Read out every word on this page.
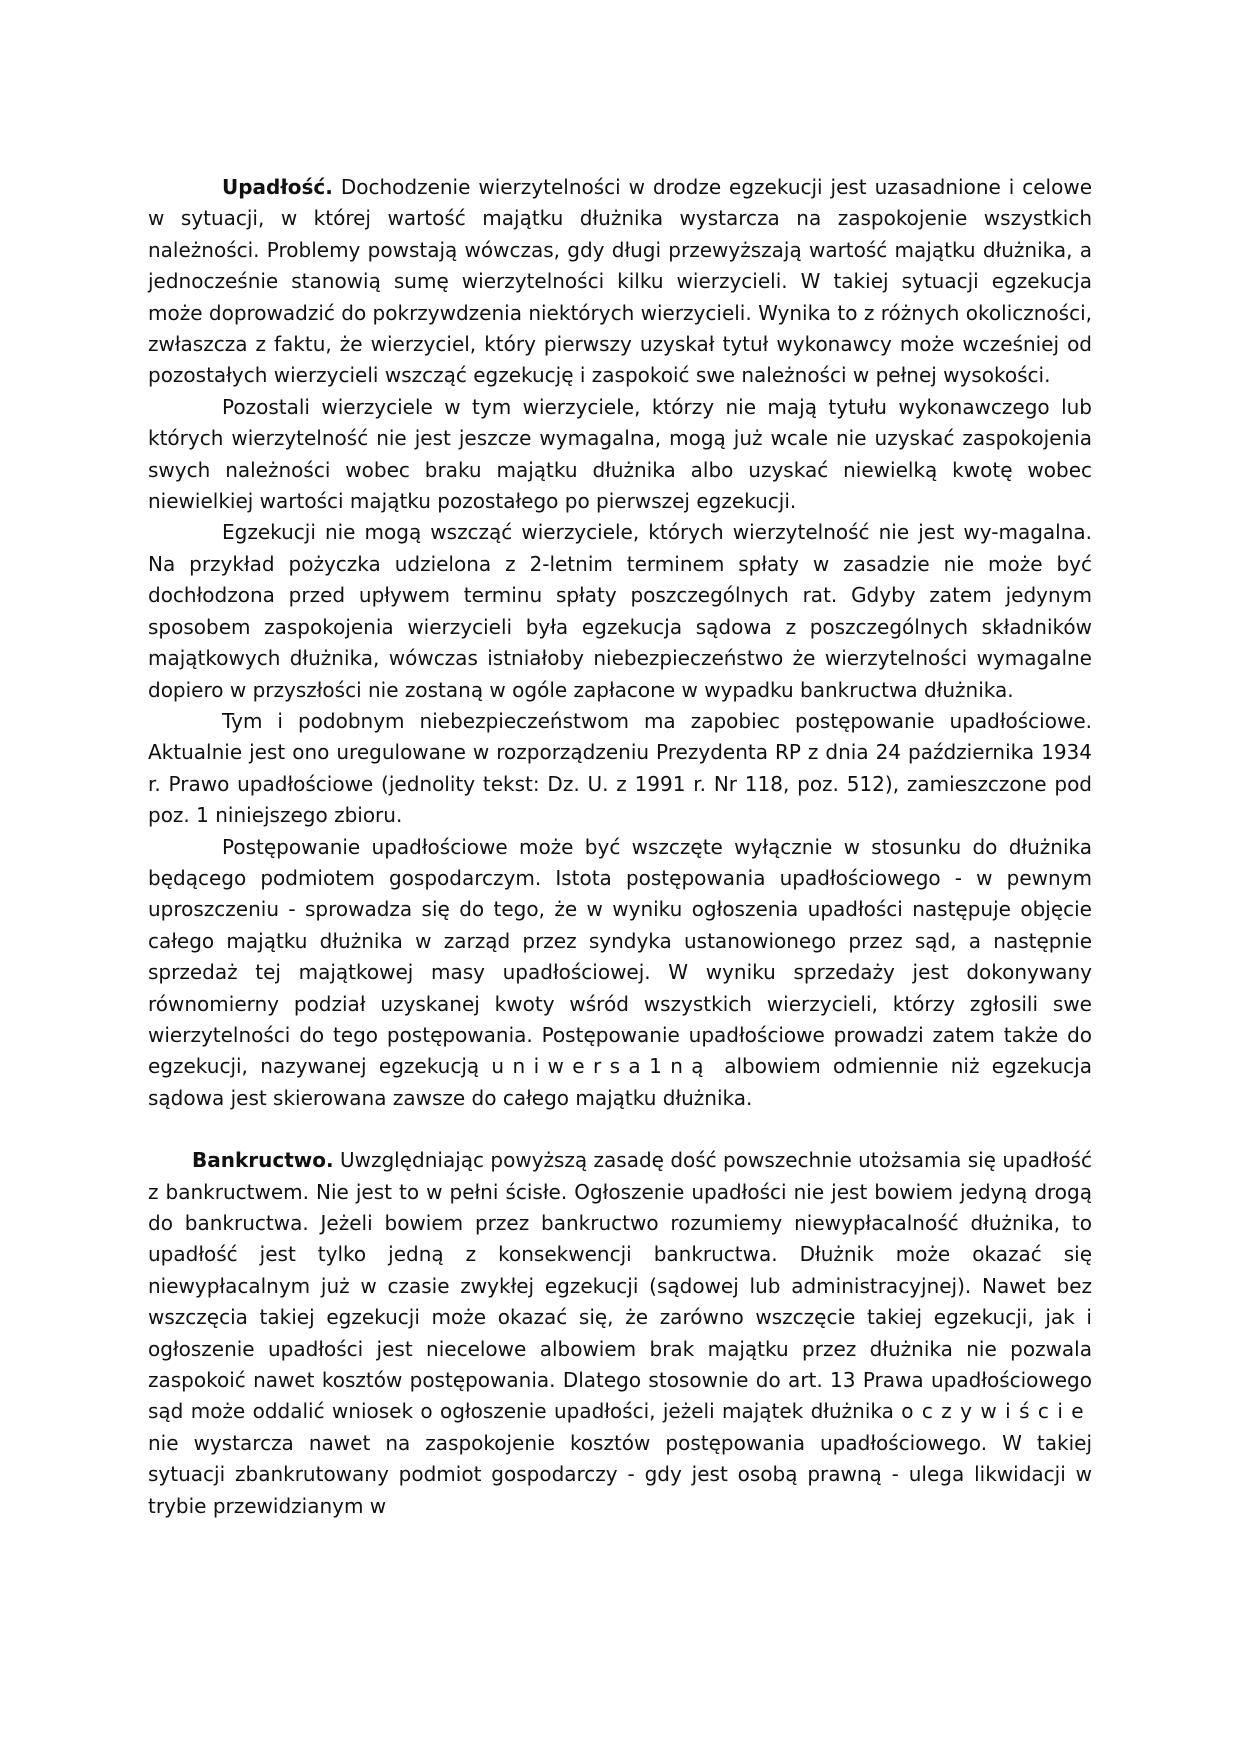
Upadłość. Dochodzenie wierzytelności w drodze egzekucji jest uzasadnione i celowe w sytuacji, w której wartość majątku dłużnika wystarcza na zaspokojenie wszystkich należności. Problemy powstają wówczas, gdy długi przewyższają wartość majątku dłużnika, a jednocześnie stanowią sumę wierzytelności kilku wierzycieli. W takiej sytuacji egzekucja może doprowadzić do pokrzywdzenia niektórych wierzycieli. Wynika to z różnych okoliczności, zwłaszcza z faktu, że wierzyciel, który pierwszy uzyskał tytuł wykonawcy może wcześniej od pozostałych wierzycieli wszcząć egzekucję i zaspokoić swe należności w pełnej wysokości.

Pozostali wierzyciele w tym wierzyciele, którzy nie mają tytułu wykonawczego lub których wierzytelność nie jest jeszcze wymagalna, mogą już wcale nie uzyskać zaspokojenia swych należności wobec braku majątku dłużnika albo uzyskać niewielką kwotę wobec niewielkiej wartości majątku pozostałego po pierwszej egzekucji.

Egzekucji nie mogą wszcząć wierzyciele, których wierzytelność nie jest wy-magalna. Na przykład pożyczka udzielona z 2-letnim terminem spłaty w zasadzie nie może być dochłodzona przed upływem terminu spłaty poszczególnych rat. Gdyby zatem jedynym sposobem zaspokojenia wierzycieli była egzekucja sądowa z poszczególnych składników majątkowych dłużnika, wówczas istniałoby niebezpieczeństwo że wierzytelności wymagalne dopiero w przyszłości nie zostaną w ogóle zapłacone w wypadku bankructwa dłużnika.

Tym i podobnym niebezpieczeństwom ma zapobiec postępowanie upadłościowe. Aktualnie jest ono uregulowane w rozporządzeniu Prezydenta RP z dnia 24 października 1934 r. Prawo upadłościowe (jednolity tekst: Dz. U. z 1991 r. Nr 118, poz. 512), zamieszczone pod poz. 1 niniejszego zbioru.

Postępowanie upadłościowe może być wszczęte wyłącznie w stosunku do dłużnika będącego podmiotem gospodarczym. Istota postępowania upadłościowego - w pewnym uproszczeniu - sprowadza się do tego, że w wyniku ogłoszenia upadłości następuje objęcie całego majątku dłużnika w zarząd przez syndyka ustanowionego przez sąd, a następnie sprzedaż tej majątkowej masy upadłościowej. W wyniku sprzedaży jest dokonywany równomierny podział uzyskanej kwoty wśród wszystkich wierzycieli, którzy zgłosili swe wierzytelności do tego postępowania. Postępowanie upadłościowe prowadzi zatem także do egzekucji, nazywanej egzekucją uniwersa1ną albowiem odmiennie niż egzekucja sądowa jest skierowana zawsze do całego majątku dłużnika.

Bankructwo. Uwzględniając powyższą zasadę dość powszechnie utożsamia się upadłość z bankructwem. Nie jest to w pełni ścisłe. Ogłoszenie upadłości nie jest bowiem jedyną drogą do bankructwa. Jeżeli bowiem przez bankructwo rozumiemy niewypłacalność dłużnika, to upadłość jest tylko jedną z konsekwencji bankructwa. Dłużnik może okazać się niewypłacalnym już w czasie zwykłej egzekucji (sądowej lub administracyjnej). Nawet bez wszczęcia takiej egzekucji może okazać się, że zarówno wszczęcie takiej egzekucji, jak i ogłoszenie upadłości jest niecelowe albowiem brak majątku przez dłużnika nie pozwala zaspokoić nawet kosztów postępowania. Dlatego stosownie do art. 13 Prawa upadłościowego sąd może oddalić wniosek o ogłoszenie upadłości, jeżeli majątek dłużnika oczywiście nie wystarcza nawet na zaspokojenie kosztów postępowania upadłościowego. W takiej sytuacji zbankrutowany podmiot gospodarczy - gdy jest osobą prawną - ulega likwidacji w trybie przewidzianym w
